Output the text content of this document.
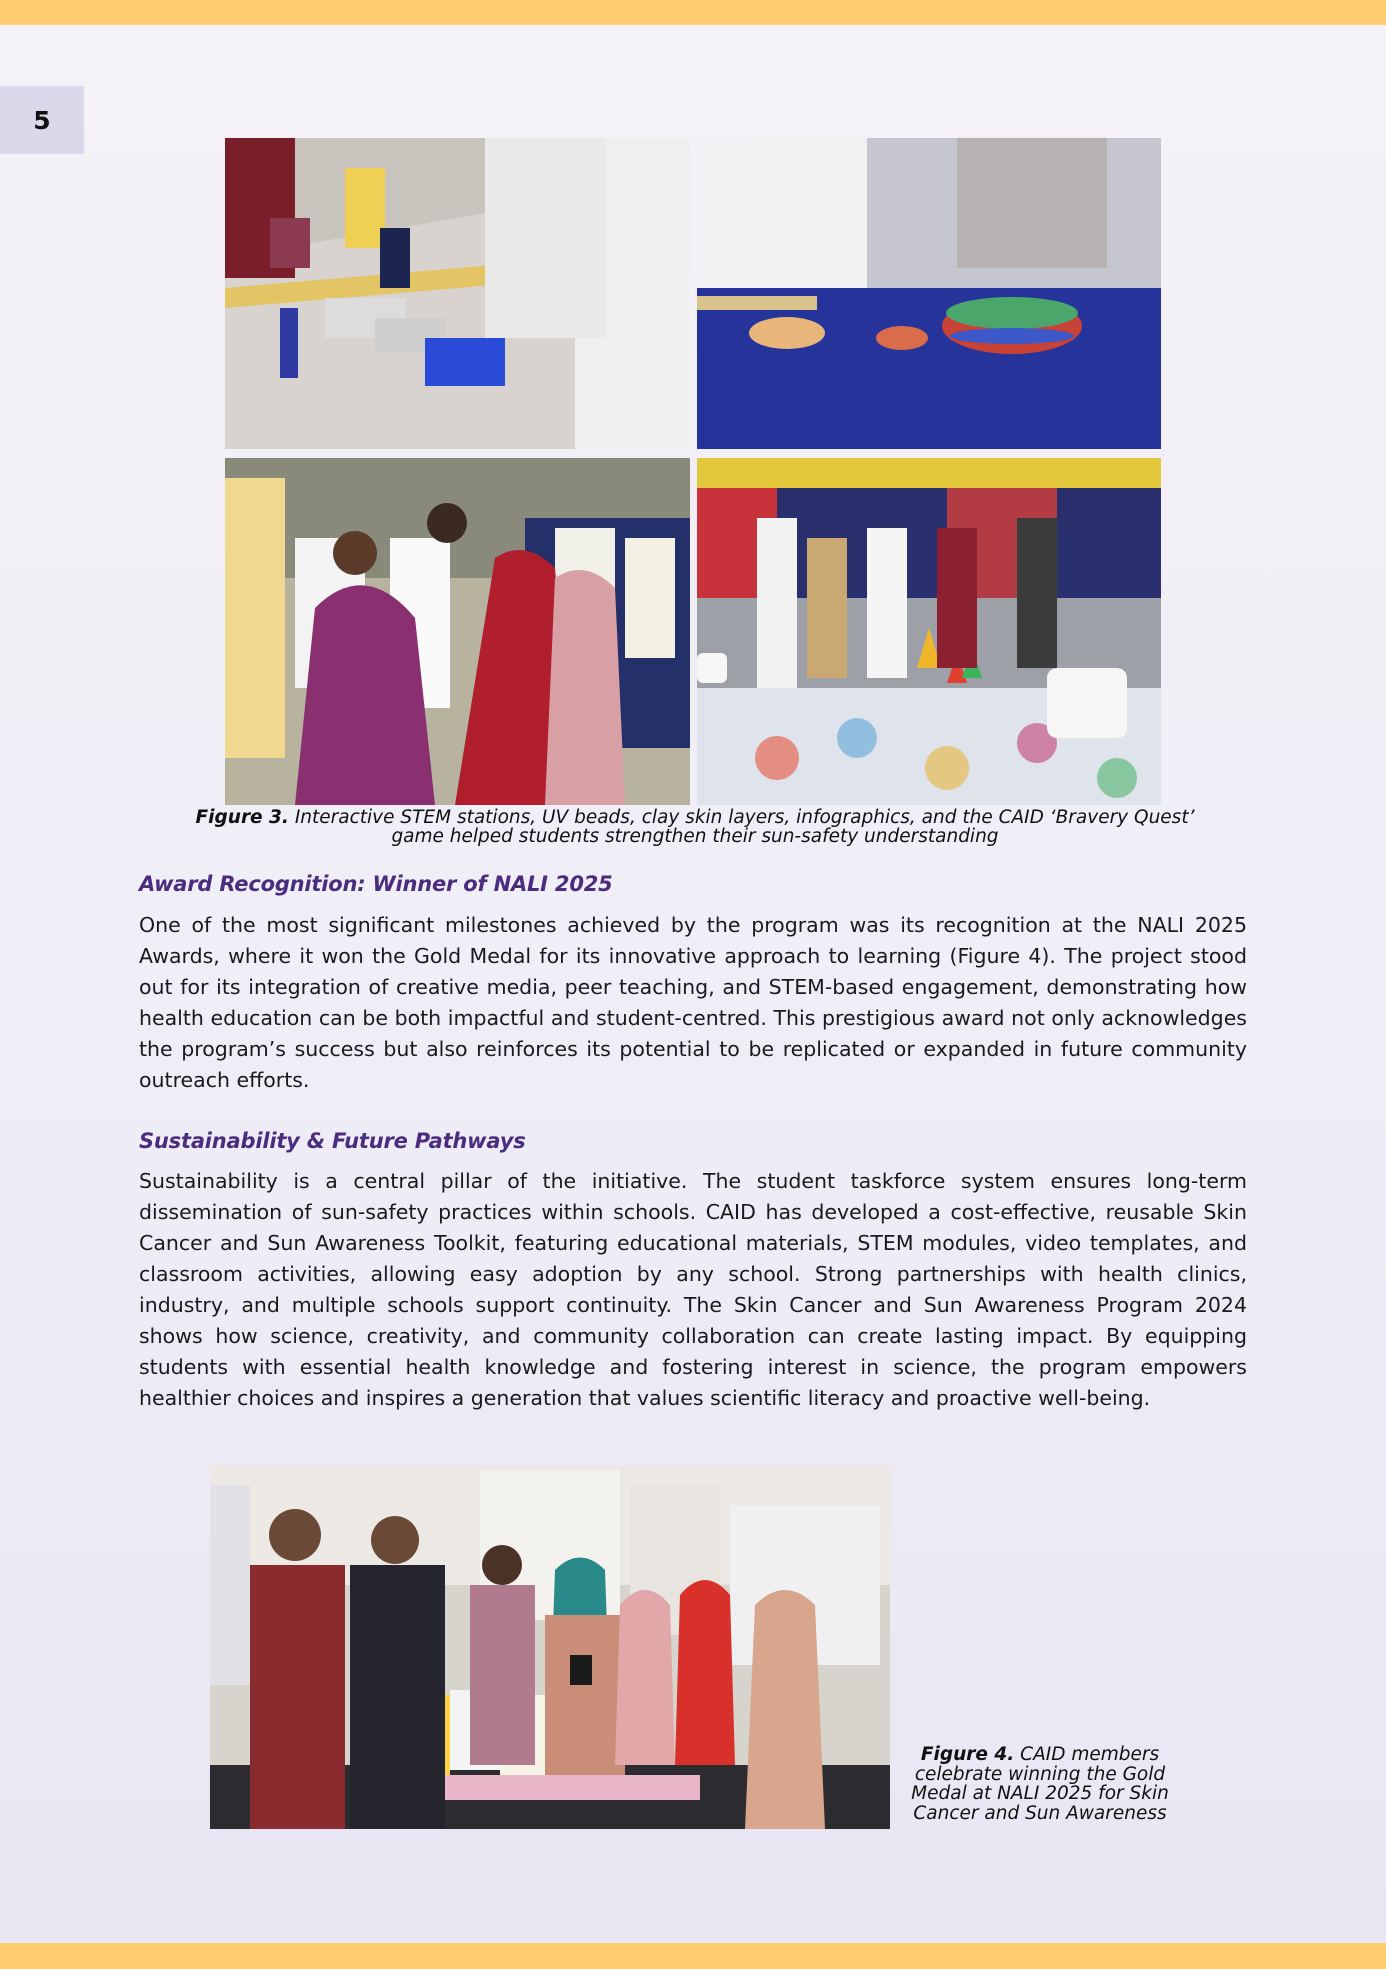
5
Figure 3. Interactive STEM stations, UV beads, clay skin layers, infographics, and the CAID ‘Bravery Quest’ game helped students strengthen their sun-safety understanding
Award Recognition: Winner of NALI 2025

One of the most significant milestones achieved by the program was its recognition at the NALI 2025 Awards, where it won the Gold Medal for its innovative approach to learning (Figure 4). The project stood out for its integration of creative media, peer teaching, and STEM-based engagement, demonstrating how health education can be both impactful and student-centred. This prestigious award not only acknowledges the program’s success but also reinforces its potential to be replicated or expanded in future community outreach efforts.

Sustainability & Future Pathways

Sustainability is a central pillar of the initiative. The student taskforce system ensures long-term dissemination of sun-safety practices within schools. CAID has developed a cost-effective, reusable Skin Cancer and Sun Awareness Toolkit, featuring educational materials, STEM modules, video templates, and classroom activities, allowing easy adoption by any school. Strong partnerships with health clinics, industry, and multiple schools support continuity. The Skin Cancer and Sun Awareness Program 2024 shows how science, creativity, and community collaboration can create lasting impact. By equipping students with essential health knowledge and fostering interest in science, the program empowers healthier choices and inspires a generation that values scientific literacy and proactive well-being.

Figure 4. CAID members celebrate winning the Gold Medal at NALI 2025 for Skin Cancer and Sun Awareness
